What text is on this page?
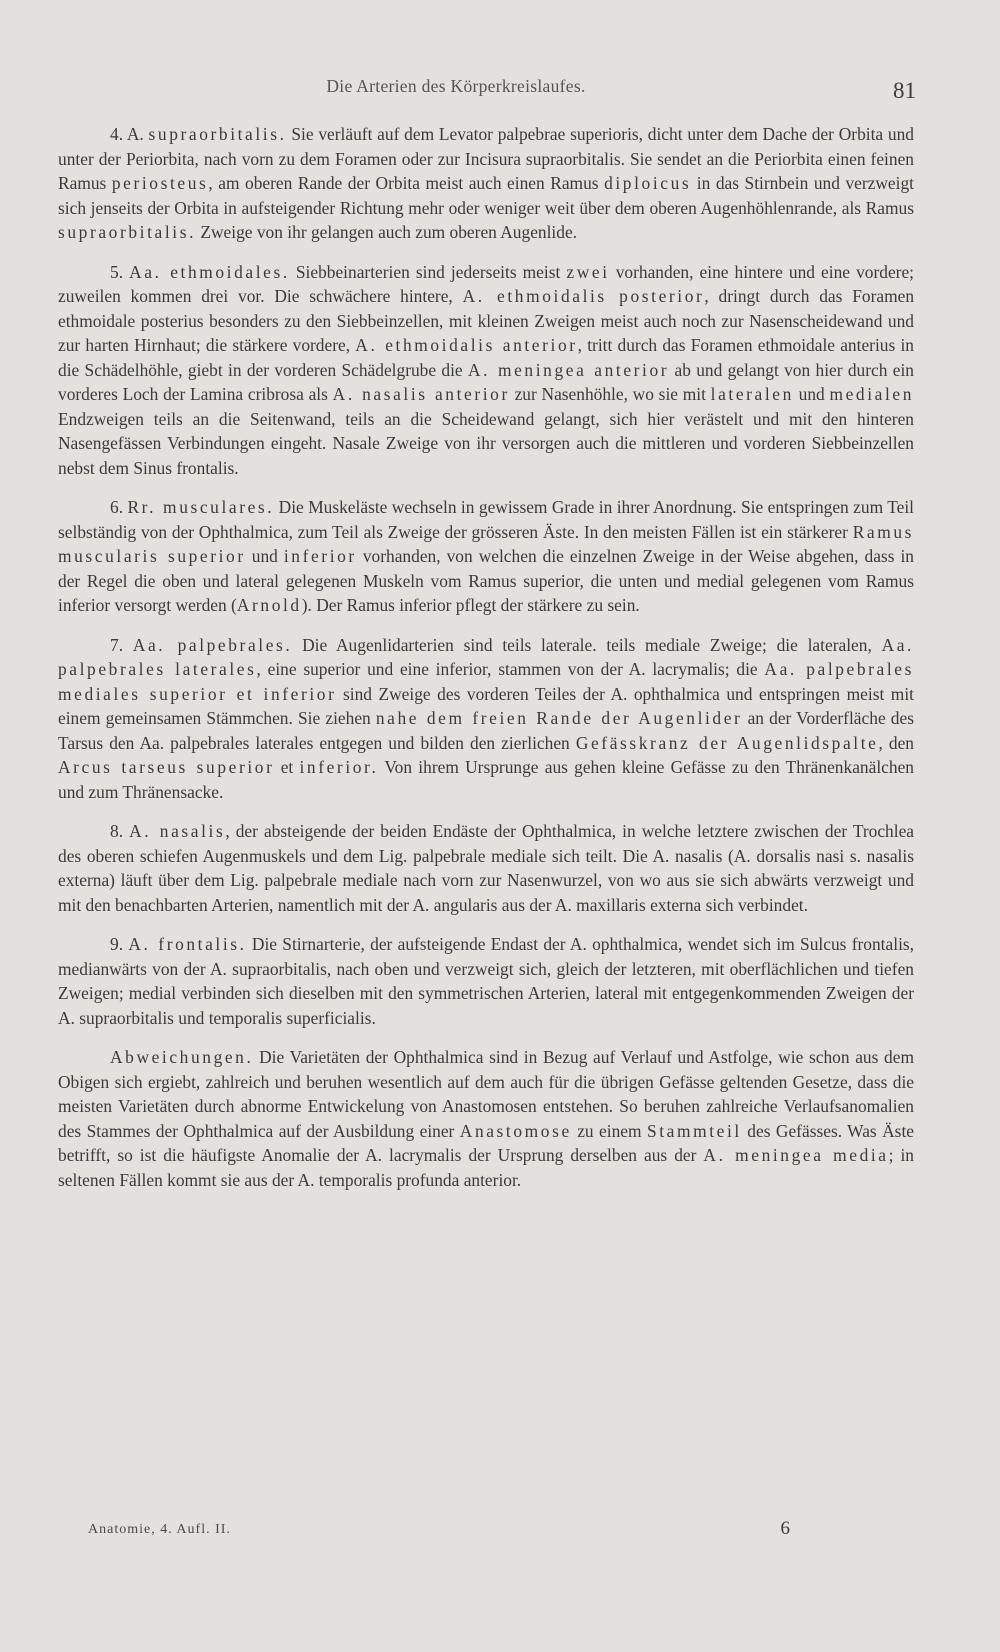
Die Arterien des Körperkreislaufes.	81

4. A. supraorbitalis. Sie verläuft auf dem Levator palpebrae superioris, dicht unter dem Dache der Orbita und unter der Periorbita, nach vorn zu dem Foramen oder zur Incisura supraorbitalis. Sie sendet an die Periorbita einen feinen Ramus periosteus, am oberen Rande der Orbita meist auch einen Ramus diploicus in das Stirnbein und verzweigt sich jenseits der Orbita in aufsteigender Richtung mehr oder weniger weit über dem oberen Augenhöhlenrande, als Ramus supraorbitalis. Zweige von ihr gelangen auch zum oberen Augenlide.

5. Aa. ethmoidales. Siebbeinarterien sind jederseits meist zwei vorhanden, eine hintere und eine vordere; zuweilen kommen drei vor. Die schwächere hintere, A. ethmoidalis posterior, dringt durch das Foramen ethmoidale posterius besonders zu den Siebbeinzellen, mit kleinen Zweigen meist auch noch zur Nasenscheidewand und zur harten Hirnhaut; die stärkere vordere, A. ethmoidalis anterior, tritt durch das Foramen ethmoidale anterius in die Schädelhöhle, giebt in der vorderen Schädelgrube die A. meningea anterior ab und gelangt von hier durch ein vorderes Loch der Lamina cribrosa als A. nasalis anterior zur Nasenhöhle, wo sie mit lateralen und medialen Endzweigen teils an die Seitenwand, teils an die Scheidewand gelangt, sich hier verästelt und mit den hinteren Nasengefässen Verbindungen eingeht. Nasale Zweige von ihr versorgen auch die mittleren und vorderen Siebbeinzellen nebst dem Sinus frontalis.

6. Rr. musculares. Die Muskeläste wechseln in gewissem Grade in ihrer Anordnung. Sie entspringen zum Teil selbständig von der Ophthalmica, zum Teil als Zweige der grösseren Äste. In den meisten Fällen ist ein stärkerer Ramus muscularis superior und inferior vorhanden, von welchen die einzelnen Zweige in der Weise abgehen, dass in der Regel die oben und lateral gelegenen Muskeln vom Ramus superior, die unten und medial gelegenen vom Ramus inferior versorgt werden (Arnold). Der Ramus inferior pflegt der stärkere zu sein.

7. Aa. palpebrales. Die Augenlidarterien sind teils laterale. teils mediale Zweige; die lateralen, Aa. palpebrales laterales, eine superior und eine inferior, stammen von der A. lacrymalis; die Aa. palpebrales mediales superior et inferior sind Zweige des vorderen Teiles der A. ophthalmica und entspringen meist mit einem gemeinsamen Stämmchen. Sie ziehen nahe dem freien Rande der Augenlider an der Vorderfläche des Tarsus den Aa. palpebrales laterales entgegen und bilden den zierlichen Gefässkranz der Augenlidspalte, den Arcus tarseus superior et inferior. Von ihrem Ursprunge aus gehen kleine Gefässe zu den Thränenkanälchen und zum Thränensacke.

8. A. nasalis, der absteigende der beiden Endäste der Ophthalmica, in welche letztere zwischen der Trochlea des oberen schiefen Augenmuskels und dem Lig. palpebrale mediale sich teilt. Die A. nasalis (A. dorsalis nasi s. nasalis externa) läuft über dem Lig. palpebrale mediale nach vorn zur Nasenwurzel, von wo aus sie sich abwärts verzweigt und mit den benachbarten Arterien, namentlich mit der A. angularis aus der A. maxillaris externa sich verbindet.

9. A. frontalis. Die Stirnarterie, der aufsteigende Endast der A. ophthalmica, wendet sich im Sulcus frontalis, medianwärts von der A. supraorbitalis, nach oben und verzweigt sich, gleich der letzteren, mit oberflächlichen und tiefen Zweigen; medial verbinden sich dieselben mit den symmetrischen Arterien, lateral mit entgegenkommenden Zweigen der A. supraorbitalis und temporalis superficialis.

Abweichungen. Die Varietäten der Ophthalmica sind in Bezug auf Verlauf und Astfolge, wie schon aus dem Obigen sich ergiebt, zahlreich und beruhen wesentlich auf dem auch für die übrigen Gefässe geltenden Gesetze, dass die meisten Varietäten durch abnorme Entwickelung von Anastomosen entstehen. So beruhen zahlreiche Verlaufsanomalien des Stammes der Ophthalmica auf der Ausbildung einer Anastomose zu einem Stammteil des Gefässes. Was Äste betrifft, so ist die häufigste Anomalie der A. lacrymalis der Ursprung derselben aus der A. meningea media; in seltenen Fällen kommt sie aus der A. temporalis profunda anterior.

Anatomie, 4. Aufl. II.	6
